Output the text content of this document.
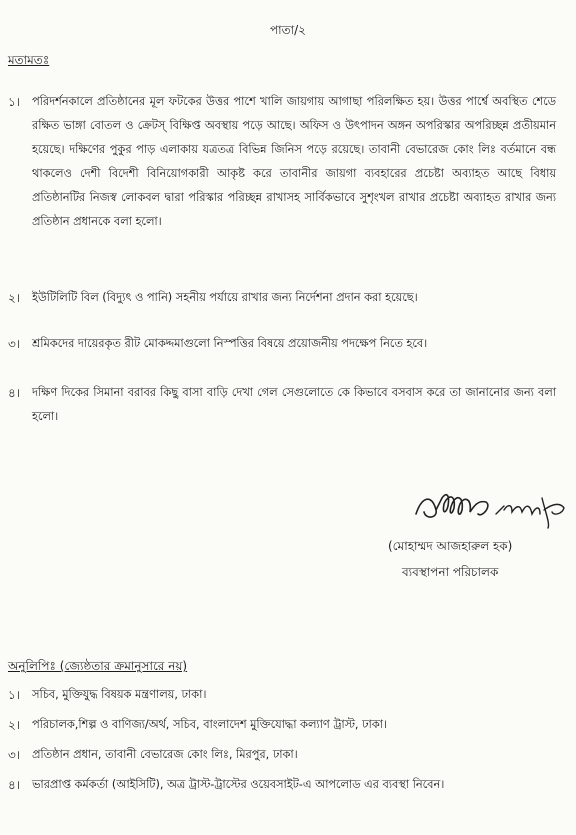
পাতা/২
মতামতঃ
১।	পরিদর্শনকালে প্রতিষ্ঠানের মূল ফটকের উত্তর পাশে খালি জায়গায় আগাছা পরিলক্ষিত হয়। উত্তর পার্শ্বে অবস্থিত শেডে রক্ষিত ভাঙ্গা বোতল ও ক্রেটস্ বিক্ষিপ্ত অবস্থায় পড়ে আছে। অফিস ও উৎপাদন অঙ্গন অপরিস্কার অপরিচ্ছন্ন প্রতীয়মান হয়েছে। দক্ষিণের পুকুর পাড় এলাকায় যত্রতত্র বিভিন্ন জিনিস পড়ে রয়েছে। তাবানী বেভারেজ কোং লিঃ বর্তমানে বন্ধ থাকলেও দেশী বিদেশী বিনিয়োগকারী আকৃষ্ট করে তাবানীর জায়গা ব্যবহারের প্রচেষ্টা অব্যাহত আছে বিধায় প্রতিষ্ঠানটির নিজস্ব লোকবল দ্বারা পরিস্কার পরিচ্ছন্ন রাখাসহ সার্বিকভাবে সুশৃংখল রাখার প্রচেষ্টা অব্যাহত রাখার জন্য প্রতিষ্ঠান প্রধানকে বলা হলো।
২।	ইউটিলিটি বিল (বিদ্যুৎ ও পানি) সহনীয় পর্যায়ে রাখার জন্য নির্দেশনা প্রদান করা হয়েছে।
৩।	শ্রমিকদের দায়েরকৃত রীট মোকদ্দমাগুলো নিস্পত্তির বিষয়ে প্রয়োজনীয় পদক্ষেপ নিতে হবে।
৪।	দক্ষিণ দিকের সিমানা বরাবর কিছু বাসা বাড়ি দেখা গেল সেগুলোতে কে কিভাবে বসবাস করে তা জানানোর জন্য বলা হলো।
(মোহাম্মদ আজহারুল হক)
ব্যবস্থাপনা পরিচালক
অনুলিপিঃ (জ্যেষ্ঠতার ক্রমানুসারে নয়)
১।	সচিব, মুক্তিযুদ্ধ বিষয়ক মন্ত্রণালয়, ঢাকা।
২।	পরিচালক,শিল্প ও বাণিজ্য/অর্থ, সচিব, বাংলাদেশ মুক্তিযোদ্ধা কল্যাণ ট্রাস্ট, ঢাকা।
৩।	প্রতিষ্ঠান প্রধান, তাবানী বেভারেজ কোং লিঃ, মিরপুর, ঢাকা।
৪।	ভারপ্রাপ্ত কর্মকর্তা (আইসিটি), অত্র ট্রাস্ট-ট্রাস্টের ওয়েবসাইট-এ আপলোড এর ব্যবস্থা নিবেন।
